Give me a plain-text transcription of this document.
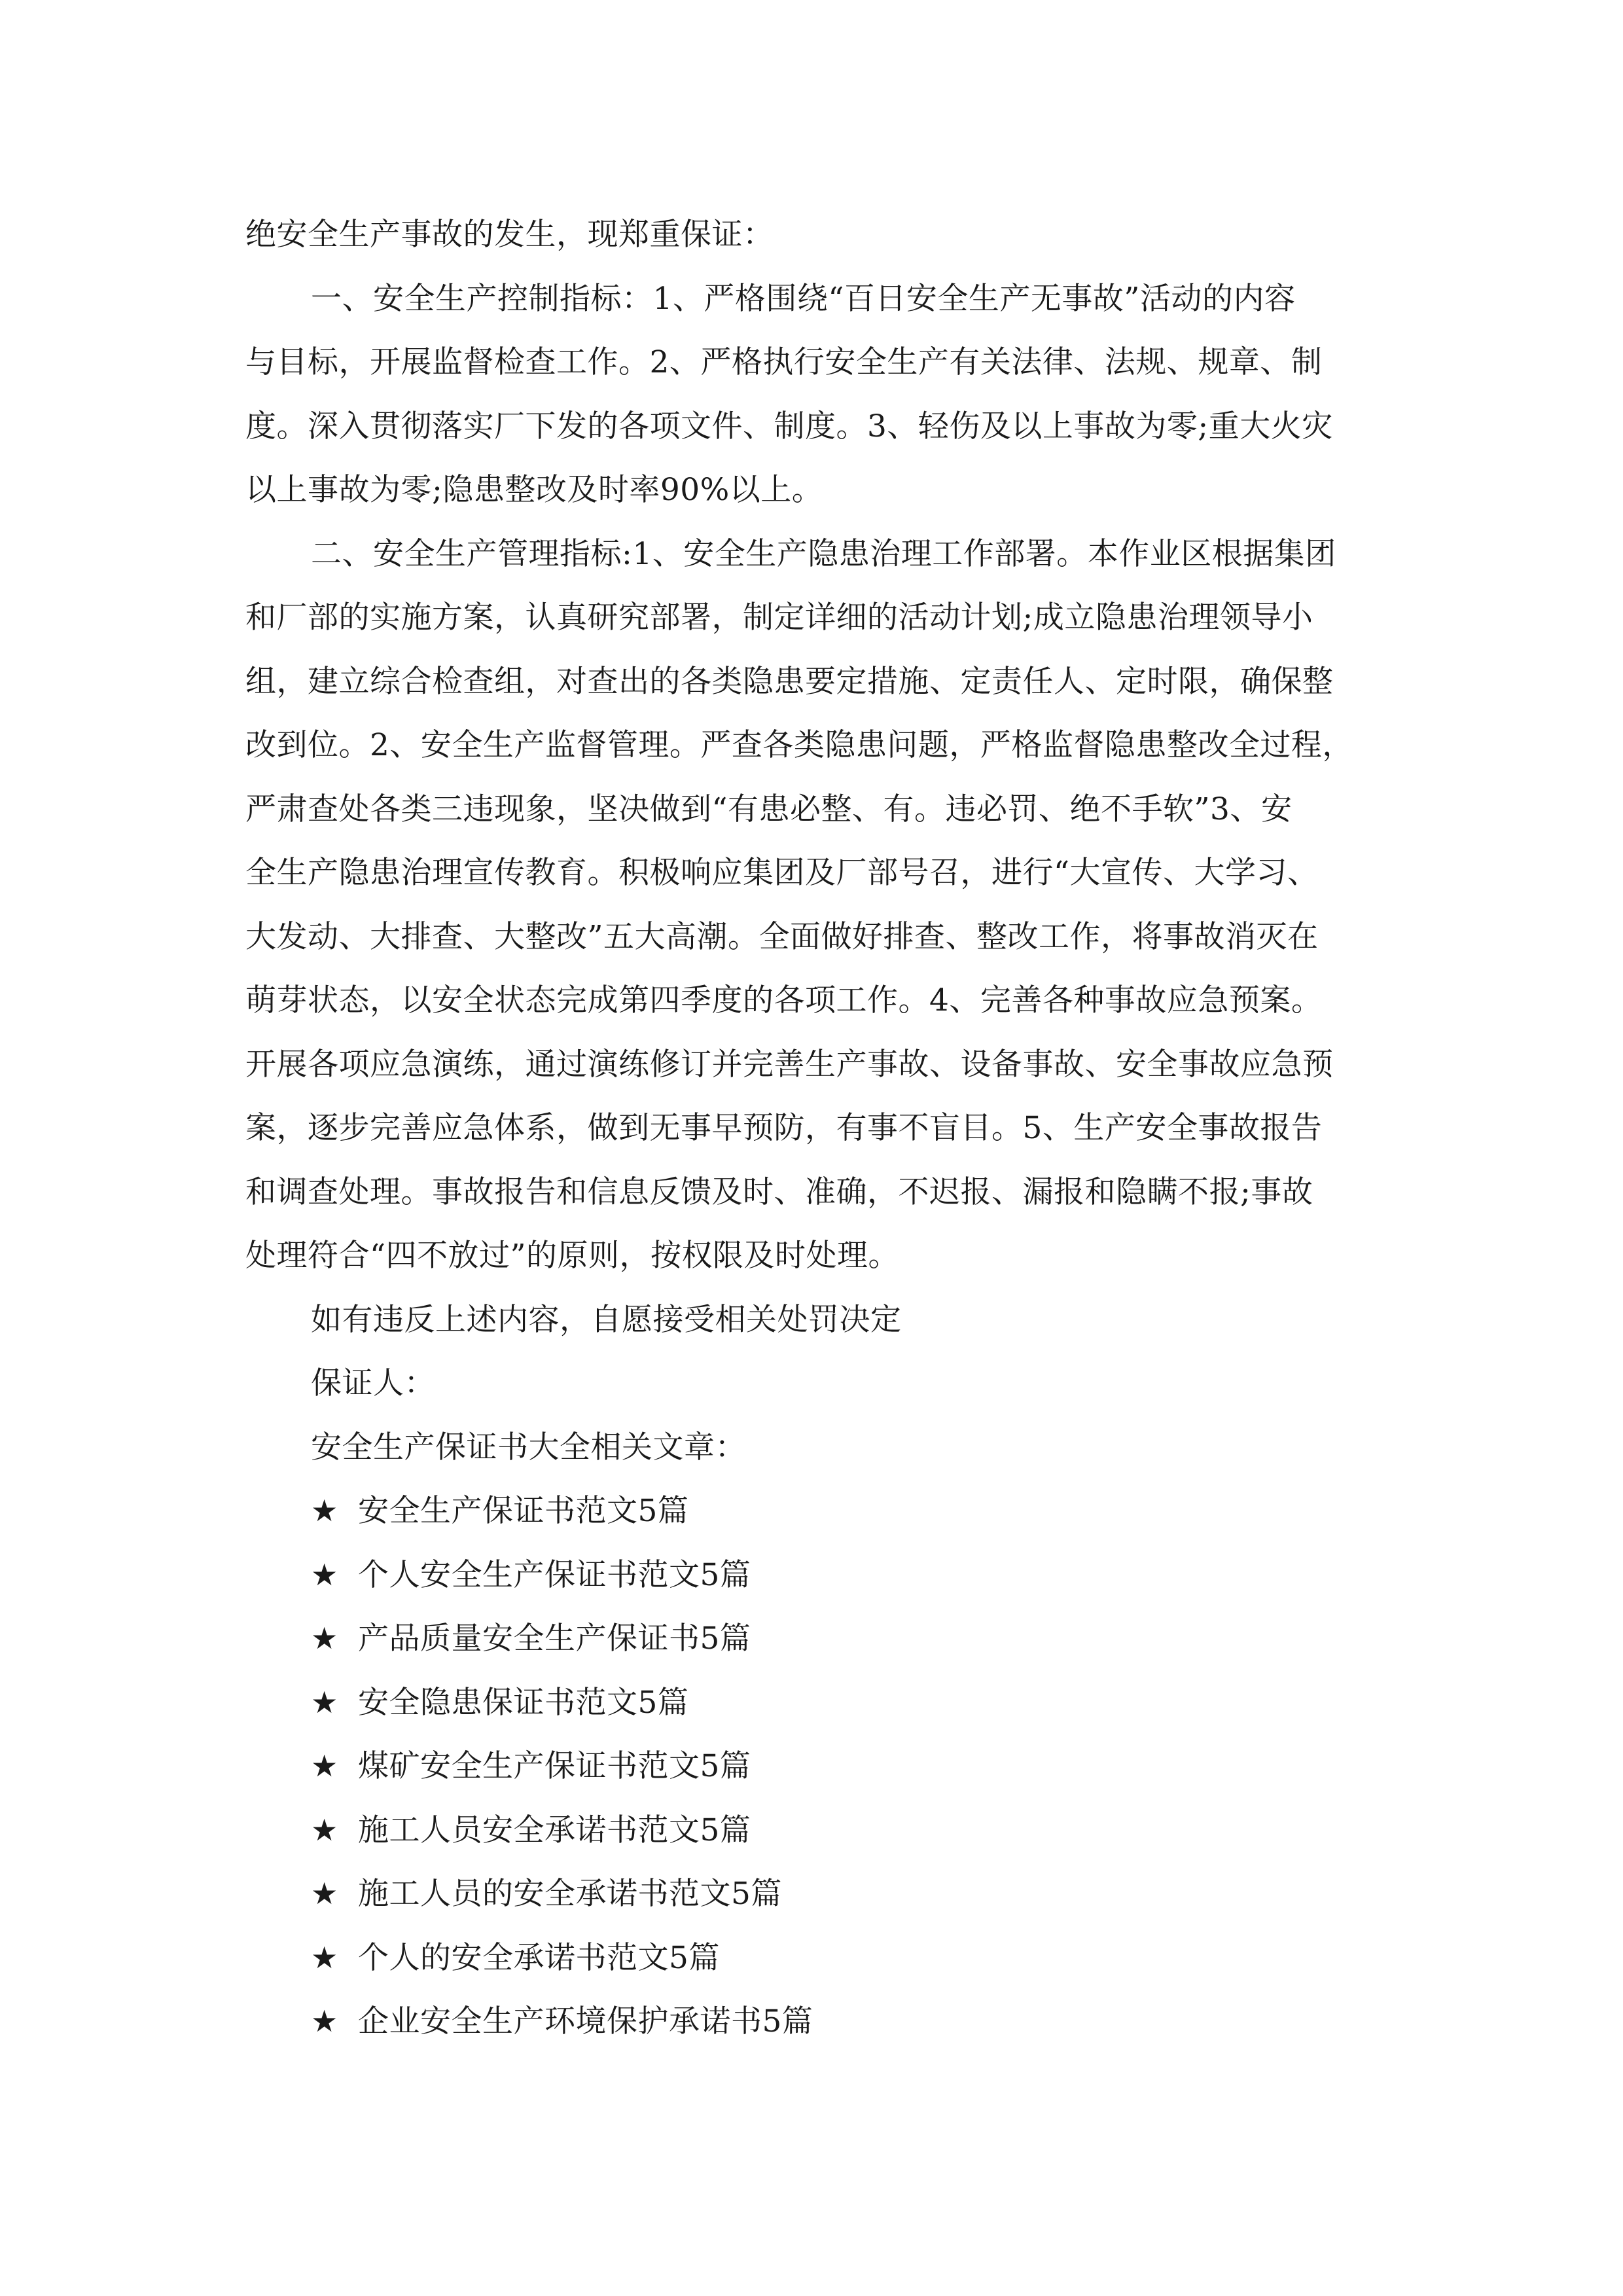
绝安全生产事故的发生，现郑重保证：
一、安全生产控制指标：1、严格围绕“百日安全生产无事故”活动的内容
与目标，开展监督检查工作。2、严格执行安全生产有关法律、法规、规章、制
度。深入贯彻落实厂下发的各项文件、制度。3、轻伤及以上事故为零;重大火灾
以上事故为零;隐患整改及时率90%以上。
二、安全生产管理指标:1、安全生产隐患治理工作部署。本作业区根据集团
和厂部的实施方案，认真研究部署，制定详细的活动计划;成立隐患治理领导小
组，建立综合检查组，对查出的各类隐患要定措施、定责任人、定时限，确保整
改到位。2、安全生产监督管理。严查各类隐患问题，严格监督隐患整改全过程，
严肃查处各类三违现象，坚决做到“有患必整、有。违必罚、绝不手软”3、安
全生产隐患治理宣传教育。积极响应集团及厂部号召，进行“大宣传、大学习、
大发动、大排查、大整改”五大高潮。全面做好排查、整改工作，将事故消灭在
萌芽状态，以安全状态完成第四季度的各项工作。4、完善各种事故应急预案。
开展各项应急演练，通过演练修订并完善生产事故、设备事故、安全事故应急预
案，逐步完善应急体系，做到无事早预防，有事不盲目。5、生产安全事故报告
和调查处理。事故报告和信息反馈及时、准确，不迟报、漏报和隐瞒不报;事故
处理符合“四不放过”的原则，按权限及时处理。
如有违反上述内容，自愿接受相关处罚决定
保证人：
安全生产保证书大全相关文章：
★ 安全生产保证书范文5篇
★ 个人安全生产保证书范文5篇
★ 产品质量安全生产保证书5篇
★ 安全隐患保证书范文5篇
★ 煤矿安全生产保证书范文5篇
★ 施工人员安全承诺书范文5篇
★ 施工人员的安全承诺书范文5篇
★ 个人的安全承诺书范文5篇
★ 企业安全生产环境保护承诺书5篇
